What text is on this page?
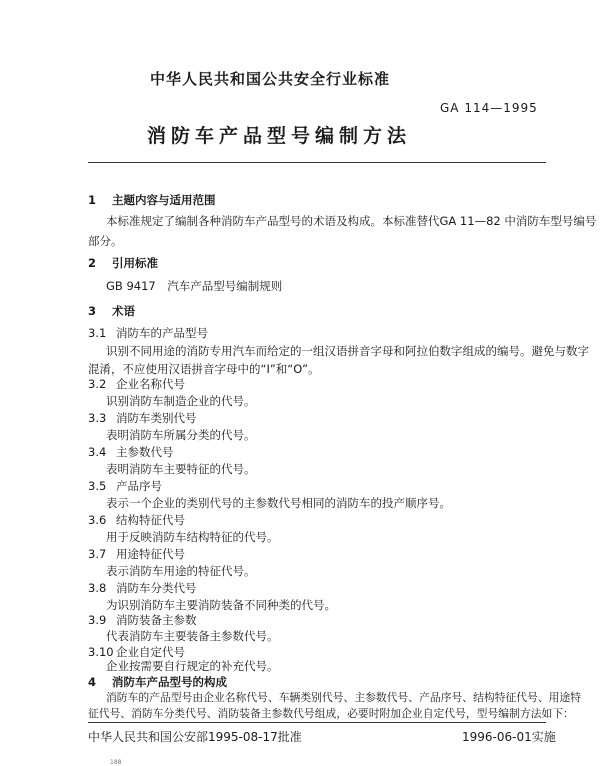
中华人民共和国公共安全行业标准
GA 114—1995
消防车产品型号编制方法
1 主题内容与适用范围
本标准规定了编制各种消防车产品型号的术语及构成。本标准替代GA 11—82 中消防车型号编号
部分。
2 引用标准
GB 9417　汽车产品型号编制规则
3 术语
3.1 消防车的产品型号
识别不同用途的消防专用汽车而给定的一组汉语拼音字母和阿拉伯数字组成的编号。避免与数字
混淆，不应使用汉语拼音字母中的“I”和“O”。
3.2 企业名称代号
识别消防车制造企业的代号。
3.3 消防车类别代号
表明消防车所属分类的代号。
3.4 主参数代号
表明消防车主要特征的代号。
3.5 产品序号
表示一个企业的类别代号的主参数代号相同的消防车的投产顺序号。
3.6 结构特征代号
用于反映消防车结构特征的代号。
3.7 用途特征代号
表示消防车用途的特征代号。
3.8 消防车分类代号
为识别消防车主要消防装备不同种类的代号。
3.9 消防装备主参数
代表消防车主要装备主参数代号。
3.10 企业自定代号
企业按需要自行规定的补充代号。
4 消防车产品型号的构成
消防车的产品型号由企业名称代号、车辆类别代号、主参数代号、产品序号、结构特征代号、用途特
征代号、消防车分类代号、消防装备主参数代号组成，必要时附加企业自定代号，型号编制方法如下：
中华人民共和国公安部1995-08-17批准	1996-06-01实施
188
